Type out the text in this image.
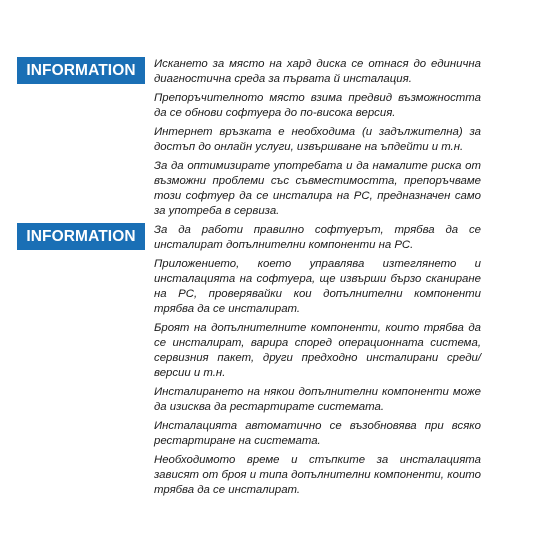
INFORMATION	Искането за място на хард диска се отнася до единична диагностична среда за първата й инсталация.

Препоръчителното място взима предвид възможността да се обнови софтуера до по-висока версия.

Интернет връзката е необходима (и задължителна) за достъп до онлайн услуги, извършване на ъпдейти и т.н.

За да оптимизирате употребата и да намалите риска от възможни проблеми със съвместимостта, препоръчваме този софтуер да се инсталира на PC, предназначен само за употреба в сервиза.

INFORMATION	За да работи правилно софтуерът, трябва да се инсталират допълнителни компоненти на PC.

Приложението, което управлява изтеглянето и инсталацията на софтуера, ще извърши бързо сканиране на PC, проверявайки кои допълнителни компоненти трябва да се инсталират.

Броят на допълнителните компоненти, които трябва да се инсталират, варира според операционната система, сервизния пакет, други предходно инсталирани среди/ версии и т.н.

Инсталирането на някои допълнителни компоненти може да изисква да рестартирате системата.

Инсталацията автоматично се възобновява при всяко рестартиране на системата.

Необходимото време и стъпките за инсталацията зависят от броя и типа допълнителни компоненти, които трябва да се инсталират.
